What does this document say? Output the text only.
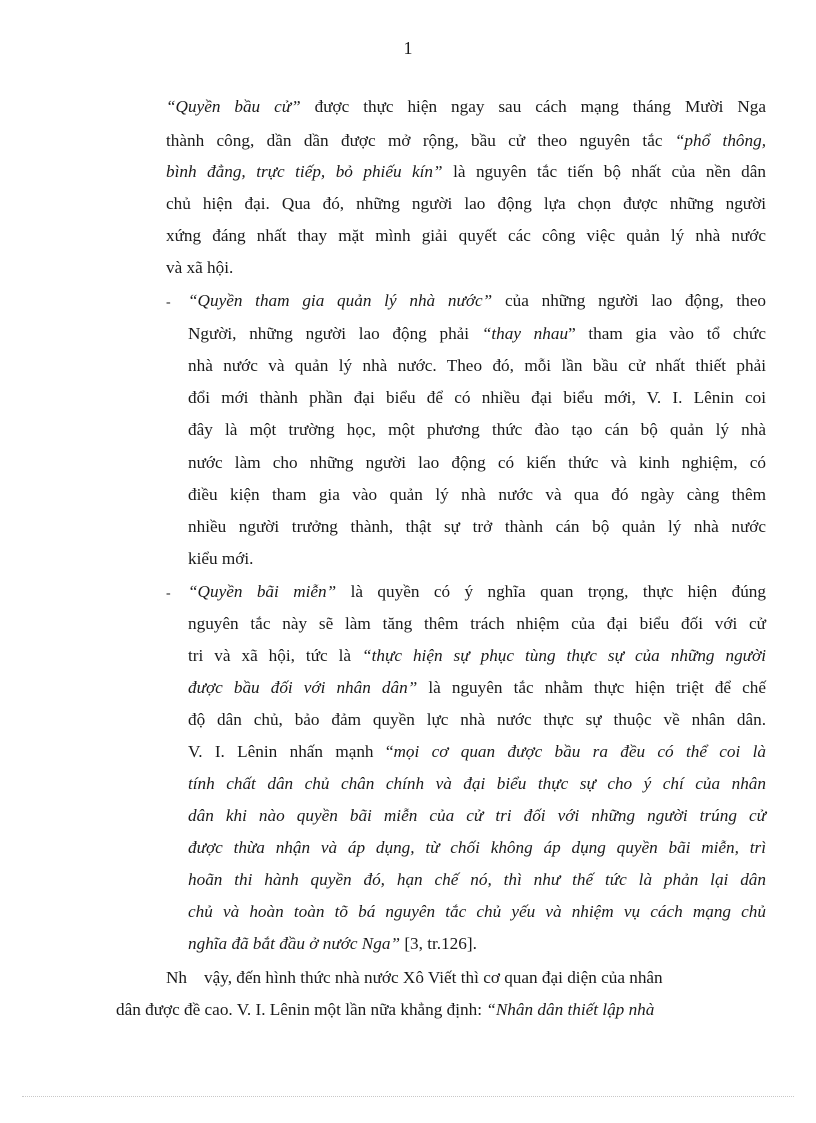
1
“Quyền bầu cử” được thực hiện ngay sau cách mạng tháng Mười Nga
thành công, dần dần được mở rộng, bầu cử theo nguyên tắc “phổ thông,
bình đẳng, trực tiếp, bỏ phiếu kín” là nguyên tắc tiến bộ nhất của nền dân
chủ hiện đại. Qua đó, những người lao động lựa chọn được những người
xứng đáng nhất thay mặt mình giải quyết các công việc quản lý nhà nước
và xã hội.
- “Quyền tham gia quản lý nhà nước” của những người lao động, theo
Người, những người lao động phải “thay nhau” tham gia vào tổ chức
nhà nước và quản lý nhà nước. Theo đó, mỗi lần bầu cử nhất thiết phải
đổi mới thành phần đại biểu để có nhiều đại biểu mới, V. I. Lênin coi
đây là một trường học, một phương thức đào tạo cán bộ quản lý nhà
nước làm cho những người lao động có kiến thức và kinh nghiệm, có
điều kiện tham gia vào quản lý nhà nước và qua đó ngày càng thêm
nhiều người trưởng thành, thật sự trở thành cán bộ quản lý nhà nước
kiểu mới.
- “Quyền bãi miễn” là quyền có ý nghĩa quan trọng, thực hiện đúng
nguyên tắc này sẽ làm tăng thêm trách nhiệm của đại biểu đối với cử
tri và xã hội, tức là “thực hiện sự phục tùng thực sự của những người
được bầu đối với nhân dân” là nguyên tắc nhằm thực hiện triệt để chế
độ dân chủ, bảo đảm quyền lực nhà nước thực sự thuộc về nhân dân.
V. I. Lênin nhấn mạnh “mọi cơ quan được bầu ra đều có thể coi là
tính chất dân chủ chân chính và đại biểu thực sự cho ý chí của nhân
dân khi nào quyền bãi miễn của cử tri đối với những người trúng cử
được thừa nhận và áp dụng, từ chối không áp dụng quyền bãi miễn, trì
hoãn thi hành quyền đó, hạn chế nó, thì như thế tức là phản lại dân
chủ và hoàn toàn tõ bá nguyên tắc chủ yếu và nhiệm vụ cách mạng chủ
nghĩa đã bắt đầu ở nước Nga” [3, tr.126].
Nh vậy, đến hình thức nhà nước Xô Viết thì cơ quan đại diện của nhân
dân được đề cao. V. I. Lênin một lần nữa khẳng định: “Nhân dân thiết lập nhà
